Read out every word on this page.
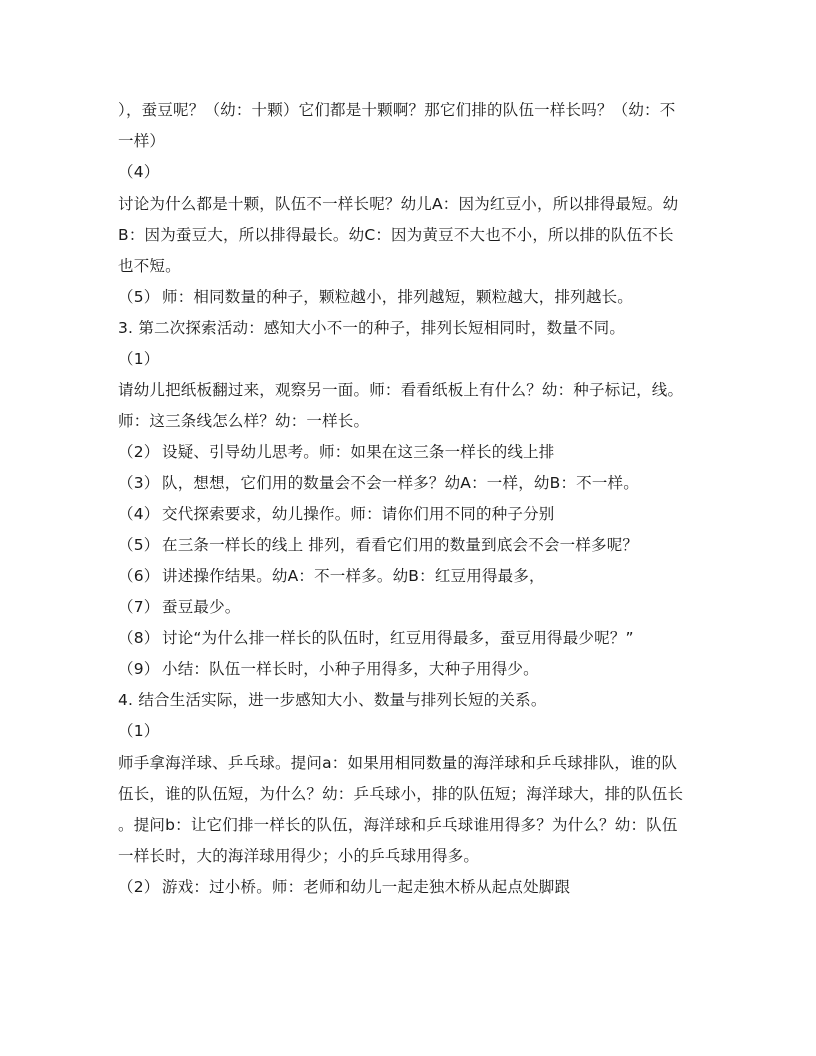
），蚕豆呢？（幼：十颗）它们都是十颗啊？那它们排的队伍一样长吗？（幼：不
一样）
（4）
讨论为什么都是十颗，队伍不一样长呢？幼儿A：因为红豆小，所以排得最短。幼
B：因为蚕豆大，所以排得最长。幼C：因为黄豆不大也不小，所以排的队伍不长
也不短。
（5） 师：相同数量的种子，颗粒越小，排列越短，颗粒越大，排列越长。
3. 第二次探索活动：感知大小不一的种子，排列长短相同时，数量不同。
（1）
请幼儿把纸板翻过来，观察另一面。师：看看纸板上有什么？幼：种子标记，线。
师：这三条线怎么样？幼：一样长。
（2） 设疑、引导幼儿思考。师：如果在这三条一样长的线上排
（3） 队，想想，它们用的数量会不会一样多？幼A：一样，幼B：不一样。
（4） 交代探索要求，幼儿操作。师：请你们用不同的种子分别
（5） 在三条一样长的线上 排列，看看它们用的数量到底会不会一样多呢？
（6） 讲述操作结果。幼A：不一样多。幼B：红豆用得最多，
（7） 蚕豆最少。
（8） 讨论“为什么排一样长的队伍时，红豆用得最多，蚕豆用得最少呢？”
（9） 小结：队伍一样长时，小种子用得多，大种子用得少。
4. 结合生活实际，进一步感知大小、数量与排列长短的关系。
（1）
师手拿海洋球、乒乓球。提问a：如果用相同数量的海洋球和乒乓球排队，谁的队
伍长，谁的队伍短，为什么？幼：乒乓球小，排的队伍短；海洋球大，排的队伍长
。提问b：让它们排一样长的队伍，海洋球和乒乓球谁用得多？为什么？幼：队伍
一样长时，大的海洋球用得少；小的乒乓球用得多。
（2） 游戏：过小桥。师：老师和幼儿一起走独木桥从起点处脚跟
